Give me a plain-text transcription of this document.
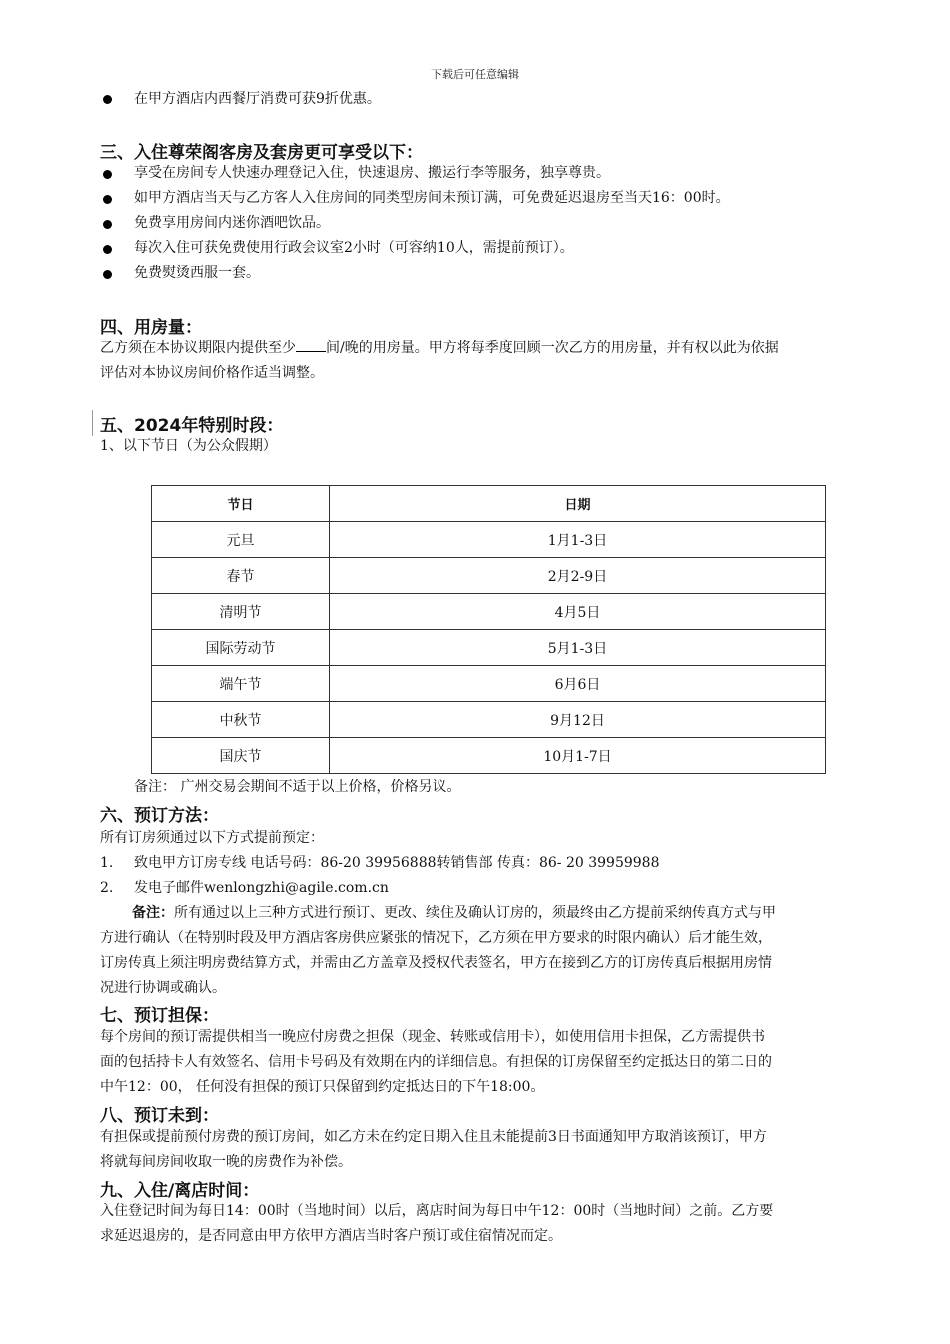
下载后可任意编辑
在甲方酒店内西餐厅消费可获9折优惠。
三、入住尊荣阁客房及套房更可享受以下：
享受在房间专人快速办理登记入住，快速退房、搬运行李等服务，独享尊贵。
如甲方酒店当天与乙方客人入住房间的同类型房间未预订满，可免费延迟退房至当天16：00时。
免费享用房间内迷你酒吧饮品。
每次入住可获免费使用行政会议室2小时（可容纳10人，需提前预订）。
免费熨烫西服一套。
四、用房量：
乙方须在本协议期限内提供至少 间/晚的用房量。甲方将每季度回顾一次乙方的用房量，并有权以此为依据
评估对本协议房间价格作适当调整。
五、2024年特别时段：
1、以下节日（为公众假期）
节日	日期
元旦	1月1-3日
春节	2月2-9日
清明节	4月5日
国际劳动节	5月1-3日
端午节	6月6日
中秋节	9月12日
国庆节	10月1-7日
备注： 广州交易会期间不适于以上价格，价格另议。
六、预订方法：
所有订房须通过以下方式提前预定：
1. 致电甲方订房专线 电话号码：86-20 39956888转销售部 传真：86- 20 39959988
2. 发电子邮件wenlongzhi@agile.com.cn
备注：所有通过以上三种方式进行预订、更改、续住及确认订房的，须最终由乙方提前采纳传真方式与甲
方进行确认（在特别时段及甲方酒店客房供应紧张的情况下，乙方须在甲方要求的时限内确认）后才能生效，
订房传真上须注明房费结算方式，并需由乙方盖章及授权代表签名，甲方在接到乙方的订房传真后根据用房情
况进行协调或确认。
七、预订担保：
每个房间的预订需提供相当一晚应付房费之担保（现金、转账或信用卡），如使用信用卡担保，乙方需提供书
面的包括持卡人有效签名、信用卡号码及有效期在内的详细信息。有担保的订房保留至约定抵达日的第二日的
中午12：00， 任何没有担保的预订只保留到约定抵达日的下午18:00。
八、预订未到：
有担保或提前预付房费的预订房间，如乙方未在约定日期入住且未能提前3日书面通知甲方取消该预订，甲方
将就每间房间收取一晚的房费作为补偿。
九、入住/离店时间：
入住登记时间为每日14：00时（当地时间）以后，离店时间为每日中午12：00时（当地时间）之前。乙方要
求延迟退房的，是否同意由甲方依甲方酒店当时客户预订或住宿情况而定。
